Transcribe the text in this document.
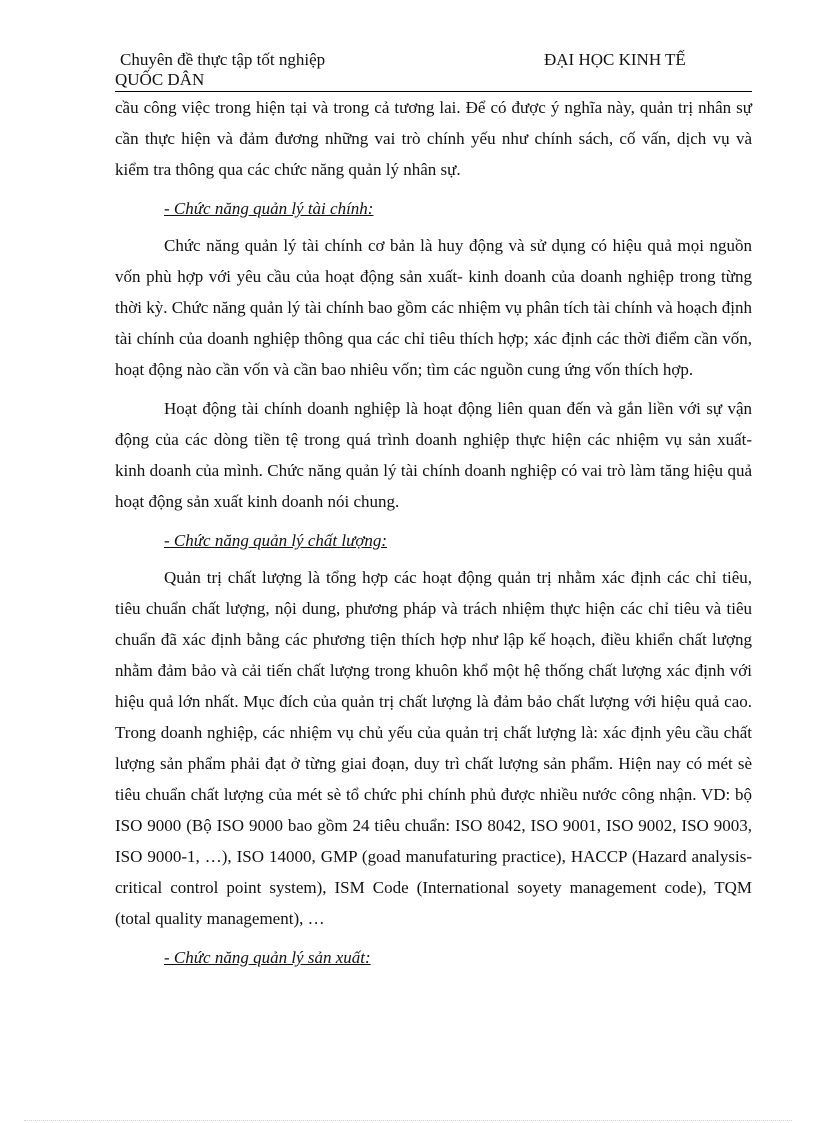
Chuyên đề thực tập tốt nghiệp	ĐẠI HỌC KINH TẾ
QUỐC DÂN

cầu công việc trong hiện tại và trong cả tương lai. Để có được ý nghĩa này, quản trị nhân sự cần thực hiện và đảm đương những vai trò chính yếu như chính sách, cố vấn, dịch vụ và kiểm tra thông qua các chức năng quản lý nhân sự.

- Chức năng quản lý tài chính:

Chức năng quản lý tài chính cơ bản là huy động và sử dụng có hiệu quả mọi nguồn vốn phù hợp với yêu cầu của hoạt động sản xuất- kinh doanh của doanh nghiệp trong từng thời kỳ. Chức năng quản lý tài chính bao gồm các nhiệm vụ phân tích tài chính và hoạch định tài chính của doanh nghiệp thông qua các chỉ tiêu thích hợp; xác định các thời điểm cần vốn, hoạt động nào cần vốn và cần bao nhiêu vốn; tìm các nguồn cung ứng vốn thích hợp.

Hoạt động tài chính doanh nghiệp là hoạt động liên quan đến và gắn liền với sự vận động của các dòng tiền tệ trong quá trình doanh nghiệp thực hiện các nhiệm vụ sản xuất- kinh doanh của mình. Chức năng quản lý tài chính doanh nghiệp có vai trò làm tăng hiệu quả hoạt động sản xuất kinh doanh nói chung.

- Chức năng quản lý chất lượng:

Quản trị chất lượng là tổng hợp các hoạt động quản trị nhằm xác định các chỉ tiêu, tiêu chuẩn chất lượng, nội dung, phương pháp và trách nhiệm thực hiện các chỉ tiêu và tiêu chuẩn đã xác định bằng các phương tiện thích hợp như lập kế hoạch, điều khiển chất lượng nhằm đảm bảo và cải tiến chất lượng trong khuôn khổ một hệ thống chất lượng xác định với hiệu quả lớn nhất. Mục đích của quản trị chất lượng là đảm bảo chất lượng với hiệu quả cao. Trong doanh nghiệp, các nhiệm vụ chủ yếu của quản trị chất lượng là: xác định yêu cầu chất lượng sản phẩm phải đạt ở từng giai đoạn, duy trì chất lượng sản phẩm. Hiện nay có mét sè tiêu chuẩn chất lượng của mét sè tổ chức phi chính phủ được nhiều nước công nhận. VD: bộ ISO 9000 (Bộ ISO 9000 bao gồm 24 tiêu chuẩn: ISO 8042, ISO 9001, ISO 9002, ISO 9003, ISO 9000-1, …), ISO 14000, GMP (goad manufaturing practice), HACCP (Hazard analysis-critical control point system), ISM Code (International soyety management code), TQM (total quality management), …

- Chức năng quản lý sản xuất:
